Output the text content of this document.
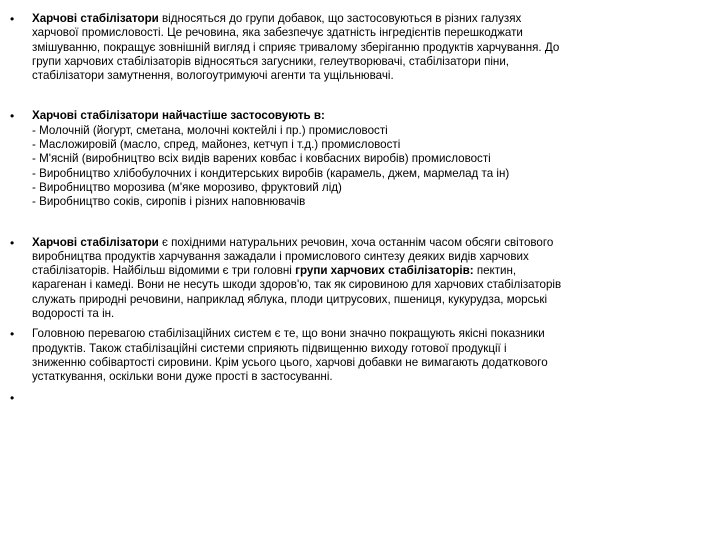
• Харчові стабілізатори відносяться до групи добавок, що застосовуються в різних галузях
харчової промисловості. Це речовина, яка забезпечує здатність інгредієнтів перешкоджати
змішуванню, покращує зовнішній вигляд і сприяє тривалому зберіганню продуктів харчування. До
групи харчових стабілізаторів відносяться загусники, гелеутворювачі, стабілізатори піни,
стабілізатори замутнення, вологоутримуючі агенти та ущільнювачі.
• Харчові стабілізатори найчастіше застосовують в:
- Молочній (йогурт, сметана, молочні коктейлі і пр.) промисловості
- Масложировій (масло, спред, майонез, кетчуп і т.д.) промисловості
- М'ясній (виробництво всіх видів варених ковбас і ковбасних виробів) промисловості
- Виробництво хлібобулочних і кондитерських виробів (карамель, джем, мармелад та ін)
- Виробництво морозива (м'яке морозиво, фруктовий лід)
- Виробництво соків, сиропів і різних наповнювачів
• Харчові стабілізатори є похідними натуральних речовин, хоча останнім часом обсяги світового
виробництва продуктів харчування зажадали і промислового синтезу деяких видів харчових
стабілізаторів. Найбільш відомими є три головні групи харчових стабілізаторів: пектин,
карагенан і камеді. Вони не несуть шкоди здоров'ю, так як сировиною для харчових стабілізаторів
служать природні речовини, наприклад яблука, плоди цитрусових, пшениця, кукурудза, морські
водорості та ін.
• Головною перевагою стабілізаційних систем є те, що вони значно покращують якісні показники
продуктів. Також стабілізаційні системи сприяють підвищенню виходу готової продукції і
зниженню собівартості сировини. Крім усього цього, харчові добавки не вимагають додаткового
устаткування, оскільки вони дуже прості в застосуванні.
•
